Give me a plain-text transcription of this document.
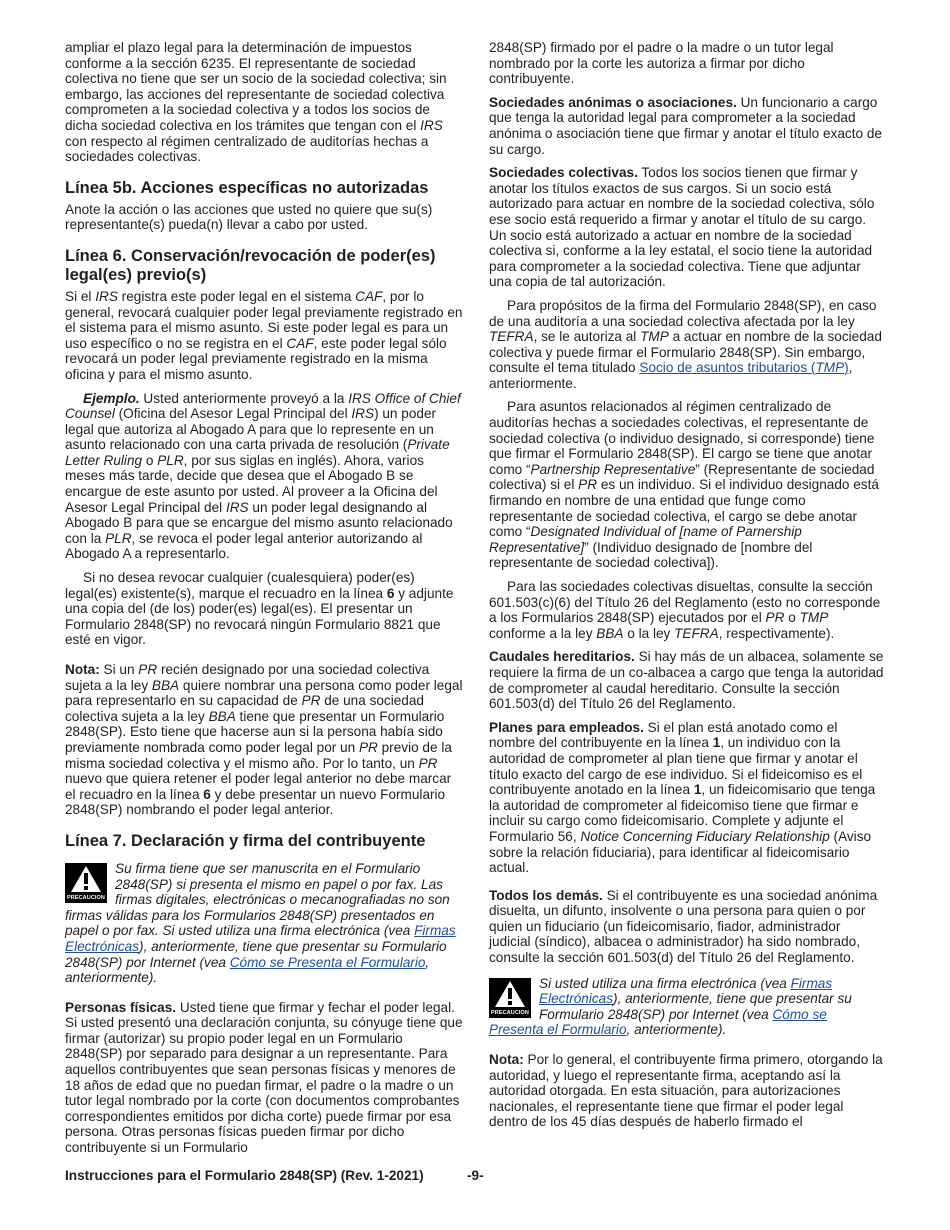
ampliar el plazo legal para la determinación de impuestos conforme a la sección 6235. El representante de sociedad colectiva no tiene que ser un socio de la sociedad colectiva; sin embargo, las acciones del representante de sociedad colectiva comprometen a la sociedad colectiva y a todos los socios de dicha sociedad colectiva en los trámites que tengan con el IRS con respecto al régimen centralizado de auditorías hechas a sociedades colectivas.

Línea 5b. Acciones específicas no autorizadas

Anote la acción o las acciones que usted no quiere que su(s) representante(s) pueda(n) llevar a cabo por usted.

Línea 6. Conservación/revocación de poder(es) legal(es) previo(s)

Si el IRS registra este poder legal en el sistema CAF, por lo general, revocará cualquier poder legal previamente registrado en el sistema para el mismo asunto. Si este poder legal es para un uso específico o no se registra en el CAF, este poder legal sólo revocará un poder legal previamente registrado en la misma oficina y para el mismo asunto.

Ejemplo. Usted anteriormente proveyó a la IRS Office of Chief Counsel (Oficina del Asesor Legal Principal del IRS) un poder legal que autoriza al Abogado A para que lo represente en un asunto relacionado con una carta privada de resolución (Private Letter Ruling o PLR, por sus siglas en inglés). Ahora, varios meses más tarde, decide que desea que el Abogado B se encargue de este asunto por usted. Al proveer a la Oficina del Asesor Legal Principal del IRS un poder legal designando al Abogado B para que se encargue del mismo asunto relacionado con la PLR, se revoca el poder legal anterior autorizando al Abogado A a representarlo.

Si no desea revocar cualquier (cualesquiera) poder(es) legal(es) existente(s), marque el recuadro en la línea 6 y adjunte una copia del (de los) poder(es) legal(es). El presentar un Formulario 2848(SP) no revocará ningún Formulario 8821 que esté en vigor.

Nota: Si un PR recién designado por una sociedad colectiva sujeta a la ley BBA quiere nombrar una persona como poder legal para representarlo en su capacidad de PR de una sociedad colectiva sujeta a la ley BBA tiene que presentar un Formulario 2848(SP). Esto tiene que hacerse aun si la persona había sido previamente nombrada como poder legal por un PR previo de la misma sociedad colectiva y el mismo año. Por lo tanto, un PR nuevo que quiera retener el poder legal anterior no debe marcar el recuadro en la línea 6 y debe presentar un nuevo Formulario 2848(SP) nombrando el poder legal anterior.

Línea 7. Declaración y firma del contribuyente
PRECAUCION
Su firma tiene que ser manuscrita en el Formulario 2848(SP) si presenta el mismo en papel o por fax. Las firmas digitales, electrónicas o mecanografiadas no son firmas válidas para los Formularios 2848(SP) presentados en papel o por fax. Si usted utiliza una firma electrónica (vea Firmas Electrónicas), anteriormente, tiene que presentar su Formulario 2848(SP) por Internet (vea Cómo se Presenta el Formulario, anteriormente).

Personas físicas. Usted tiene que firmar y fechar el poder legal. Si usted presentó una declaración conjunta, su cónyuge tiene que firmar (autorizar) su propio poder legal en un Formulario 2848(SP) por separado para designar a un representante. Para aquellos contribuyentes que sean personas físicas y menores de 18 años de edad que no puedan firmar, el padre o la madre o un tutor legal nombrado por la corte (con documentos comprobantes correspondientes emitidos por dicha corte) puede firmar por esa persona. Otras personas físicas pueden firmar por dicho contribuyente si un Formulario

2848(SP) firmado por el padre o la madre o un tutor legal nombrado por la corte les autoriza a firmar por dicho contribuyente.

Sociedades anónimas o asociaciones. Un funcionario a cargo que tenga la autoridad legal para comprometer a la sociedad anónima o asociación tiene que firmar y anotar el título exacto de su cargo.

Sociedades colectivas. Todos los socios tienen que firmar y anotar los títulos exactos de sus cargos. Si un socio está autorizado para actuar en nombre de la sociedad colectiva, sólo ese socio está requerido a firmar y anotar el título de su cargo. Un socio está autorizado a actuar en nombre de la sociedad colectiva si, conforme a la ley estatal, el socio tiene la autoridad para comprometer a la sociedad colectiva. Tiene que adjuntar una copia de tal autorización.

Para propósitos de la firma del Formulario 2848(SP), en caso de una auditoría a una sociedad colectiva afectada por la ley TEFRA, se le autoriza al TMP a actuar en nombre de la sociedad colectiva y puede firmar el Formulario 2848(SP). Sin embargo, consulte el tema titulado Socio de asuntos tributarios (TMP), anteriormente.

Para asuntos relacionados al régimen centralizado de auditorías hechas a sociedades colectivas, el representante de sociedad colectiva (o individuo designado, si corresponde) tiene que firmar el Formulario 2848(SP). El cargo se tiene que anotar como “Partnership Representative” (Representante de sociedad colectiva) si el PR es un individuo. Si el individuo designado está firmando en nombre de una entidad que funge como representante de sociedad colectiva, el cargo se debe anotar como “Designated Individual of [name of Parnership Representative]” (Individuo designado de [nombre del representante de sociedad colectiva]).

Para las sociedades colectivas disueltas, consulte la sección 601.503(c)(6) del Título 26 del Reglamento (esto no corresponde a los Formularios 2848(SP) ejecutados por el PR o TMP conforme a la ley BBA o la ley TEFRA, respectivamente).

Caudales hereditarios. Si hay más de un albacea, solamente se requiere la firma de un co-albacea a cargo que tenga la autoridad de comprometer al caudal hereditario. Consulte la sección 601.503(d) del Título 26 del Reglamento.

Planes para empleados. Si el plan está anotado como el nombre del contribuyente en la línea 1, un individuo con la autoridad de comprometer al plan tiene que firmar y anotar el título exacto del cargo de ese individuo. Si el fideicomiso es el contribuyente anotado en la línea 1, un fideicomisario que tenga la autoridad de comprometer al fideicomiso tiene que firmar e incluir su cargo como fideicomisario. Complete y adjunte el Formulario 56, Notice Concerning Fiduciary Relationship (Aviso sobre la relación fiduciaria), para identificar al fideicomisario actual.

Todos los demás. Si el contribuyente es una sociedad anónima disuelta, un difunto, insolvente o una persona para quien o por quien un fiduciario (un fideicomisario, fiador, administrador judicial (síndico), albacea o administrador) ha sido nombrado, consulte la sección 601.503(d) del Título 26 del Reglamento.

PRECAUCION
Si usted utiliza una firma electrónica (vea Firmas Electrónicas), anteriormente, tiene que presentar su Formulario 2848(SP) por Internet (vea Cómo se Presenta el Formulario, anteriormente).

Nota: Por lo general, el contribuyente firma primero, otorgando la autoridad, y luego el representante firma, aceptando así la autoridad otorgada. En esta situación, para autorizaciones nacionales, el representante tiene que firmar el poder legal dentro de los 45 días después de haberlo firmado el

Instrucciones para el Formulario 2848(SP) (Rev. 1-2021)	-9-
